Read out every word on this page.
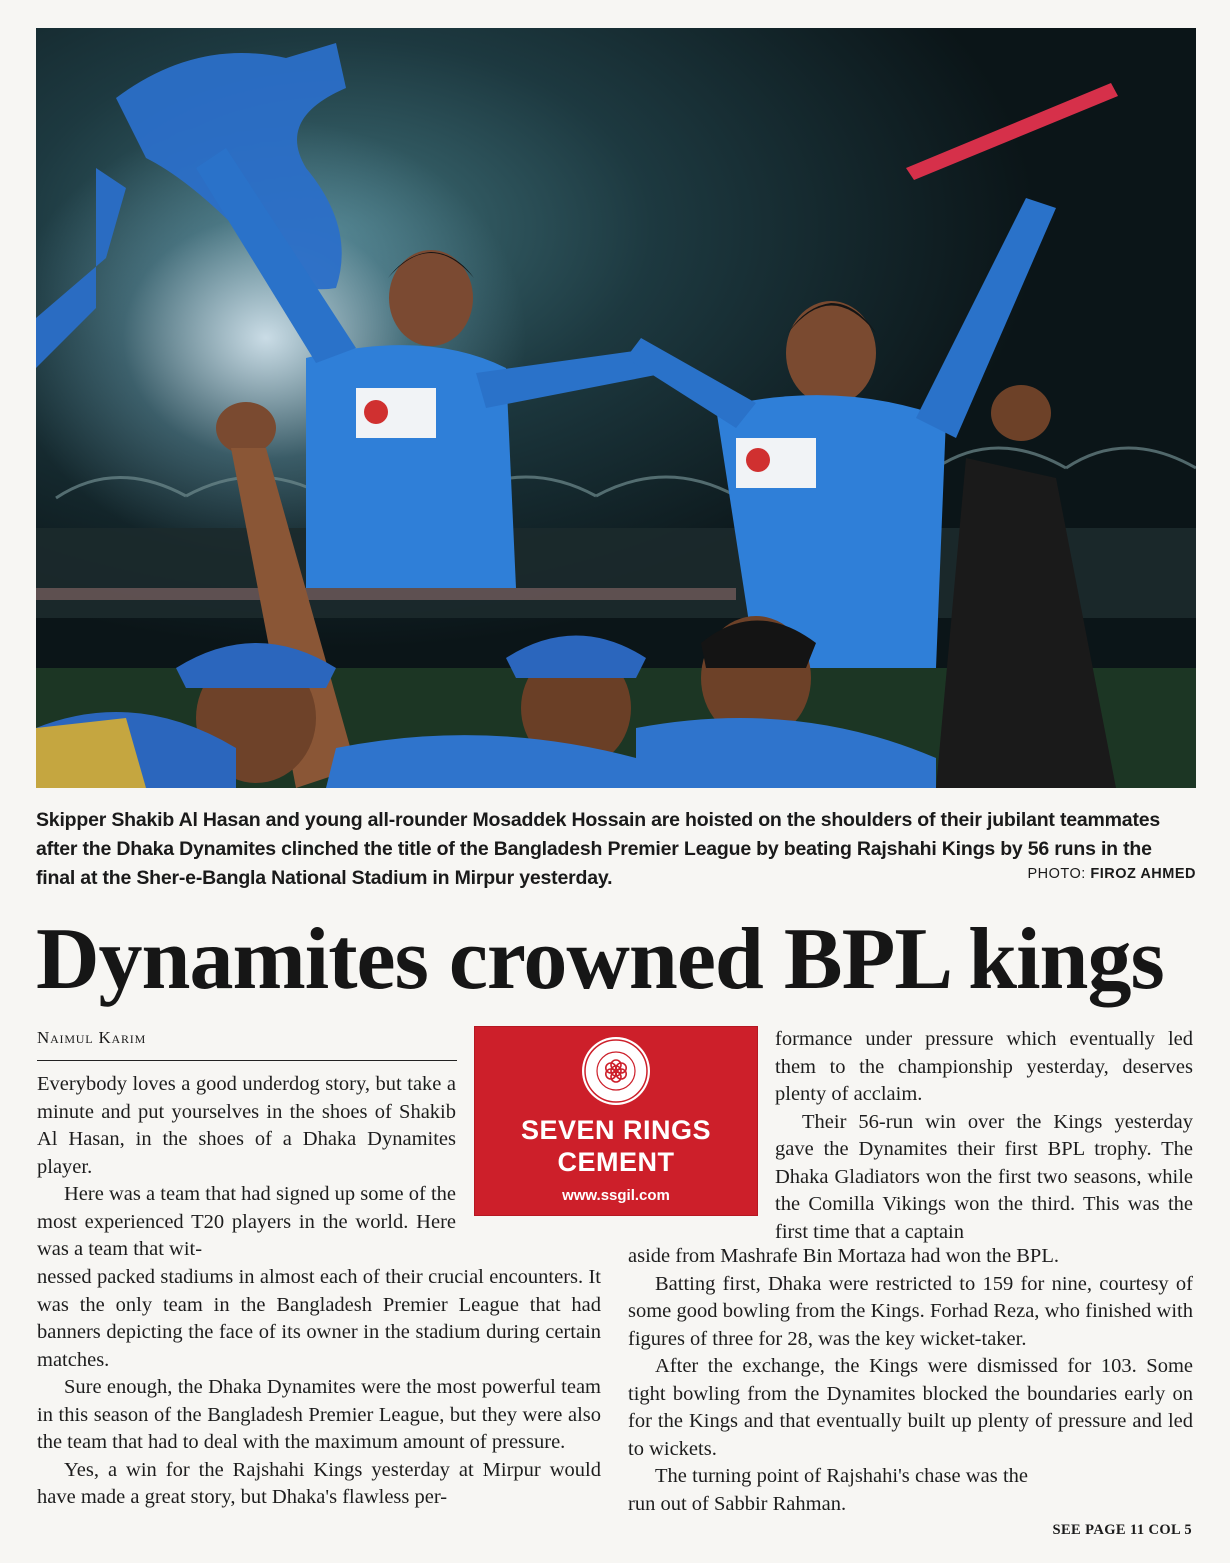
Skipper Shakib Al Hasan and young all-rounder Mosaddek Hossain are hoisted on the shoulders of their jubilant teammates after the Dhaka Dynamites clinched the title of the Bangladesh Premier League by beating Rajshahi Kings by 56 runs in the final at the Sher-e-Bangla National Stadium in Mirpur yesterday.	PHOTO: FIROZ AHMED
Dynamites crowned BPL kings
Naimul Karim

Everybody loves a good underdog story, but take a minute and put yourselves in the shoes of Shakib Al Hasan, in the shoes of a Dhaka Dynamites player.

Here was a team that had signed up some of the most experienced T20 players in the world. Here was a team that wit-

nessed packed stadiums in almost each of their crucial encounters. It was the only team in the Bangladesh Premier League that had banners depicting the face of its owner in the stadium during certain matches.

Sure enough, the Dhaka Dynamites were the most powerful team in this season of the Bangladesh Premier League, but they were also the team that had to deal with the maximum amount of pressure.

Yes, a win for the Rajshahi Kings yesterday at Mirpur would have made a great story, but Dhaka's flawless per-

SEVEN RINGS
CEMENT
www.ssgil.com

formance under pressure which eventually led them to the championship yesterday, deserves plenty of acclaim.

Their 56-run win over the Kings yesterday gave the Dynamites their first BPL trophy. The Dhaka Gladiators won the first two seasons, while the Comilla Vikings won the third. This was the first time that a captain

aside from Mashrafe Bin Mortaza had won the BPL.

Batting first, Dhaka were restricted to 159 for nine, courtesy of some good bowling from the Kings. Forhad Reza, who finished with figures of three for 28, was the key wicket-taker.

After the exchange, the Kings were dismissed for 103. Some tight bowling from the Dynamites blocked the boundaries early on for the Kings and that eventually built up plenty of pressure and led to wickets.

The turning point of Rajshahi's chase was the run out of Sabbir Rahman.

SEE PAGE 11 COL 5
